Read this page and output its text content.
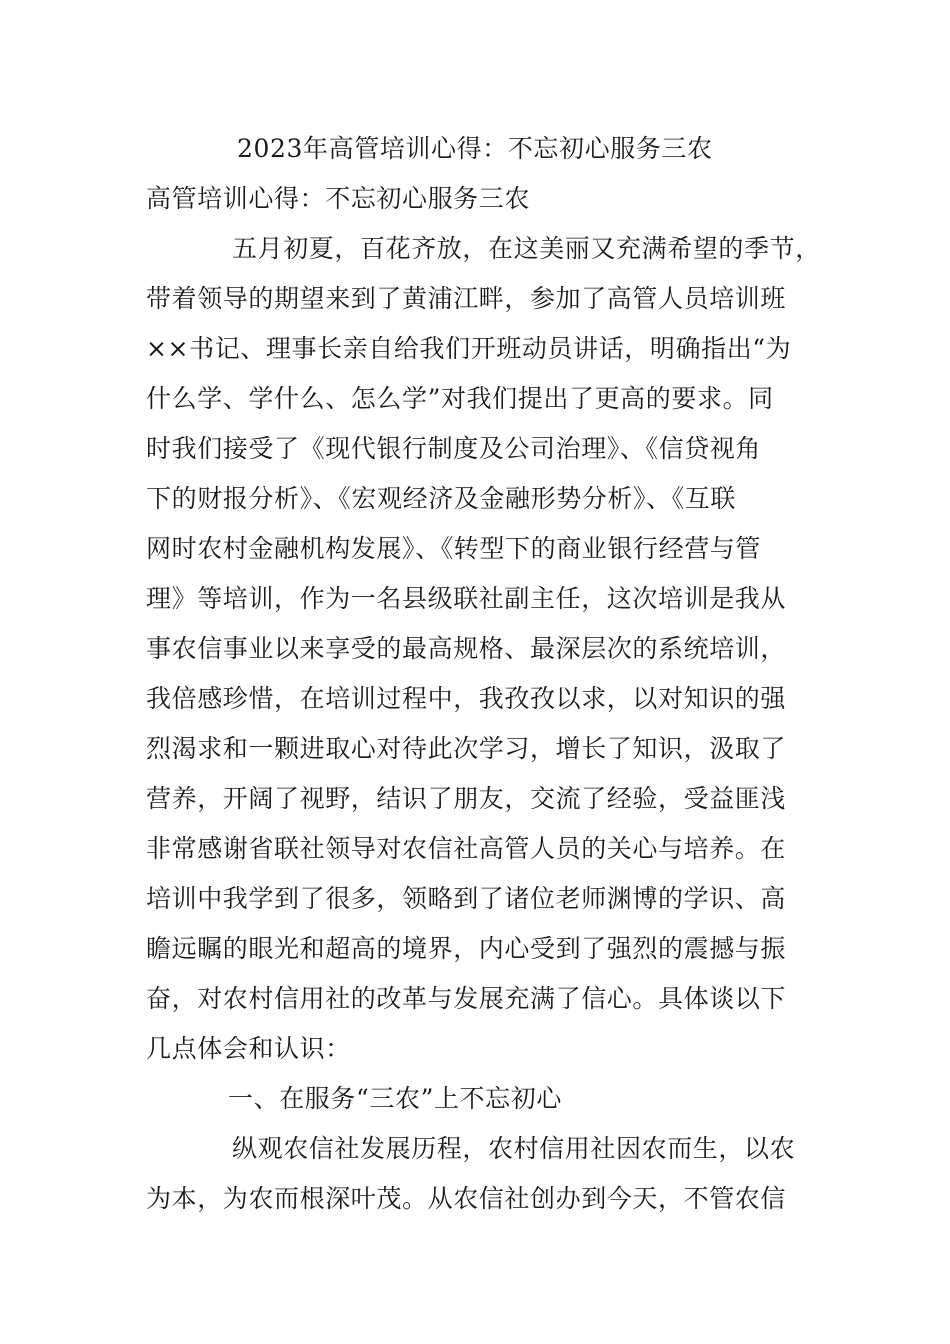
2023年高管培训心得：不忘初心服务三农
高管培训心得：不忘初心服务三农
五月初夏，百花齐放，在这美丽又充满希望的季节，
带着领导的期望来到了黄浦江畔，参加了高管人员培训班
××书记、理事长亲自给我们开班动员讲话，明确指出“为
什么学、学什么、怎么学”对我们提出了更高的要求。同
时我们接受了《现代银行制度及公司治理》、《信贷视角
下的财报分析》、《宏观经济及金融形势分析》、《互联
网时农村金融机构发展》、《转型下的商业银行经营与管
理》等培训，作为一名县级联社副主任，这次培训是我从
事农信事业以来享受的最高规格、最深层次的系统培训，
我倍感珍惜，在培训过程中，我孜孜以求，以对知识的强
烈渴求和一颗进取心对待此次学习，增长了知识，汲取了
营养，开阔了视野，结识了朋友，交流了经验，受益匪浅
非常感谢省联社领导对农信社高管人员的关心与培养。在
培训中我学到了很多，领略到了诸位老师渊博的学识、高
瞻远瞩的眼光和超高的境界，内心受到了强烈的震撼与振
奋，对农村信用社的改革与发展充满了信心。具体谈以下
几点体会和认识：
一、在服务“三农”上不忘初心
纵观农信社发展历程，农村信用社因农而生，以农
为本，为农而根深叶茂。从农信社创办到今天，不管农信
